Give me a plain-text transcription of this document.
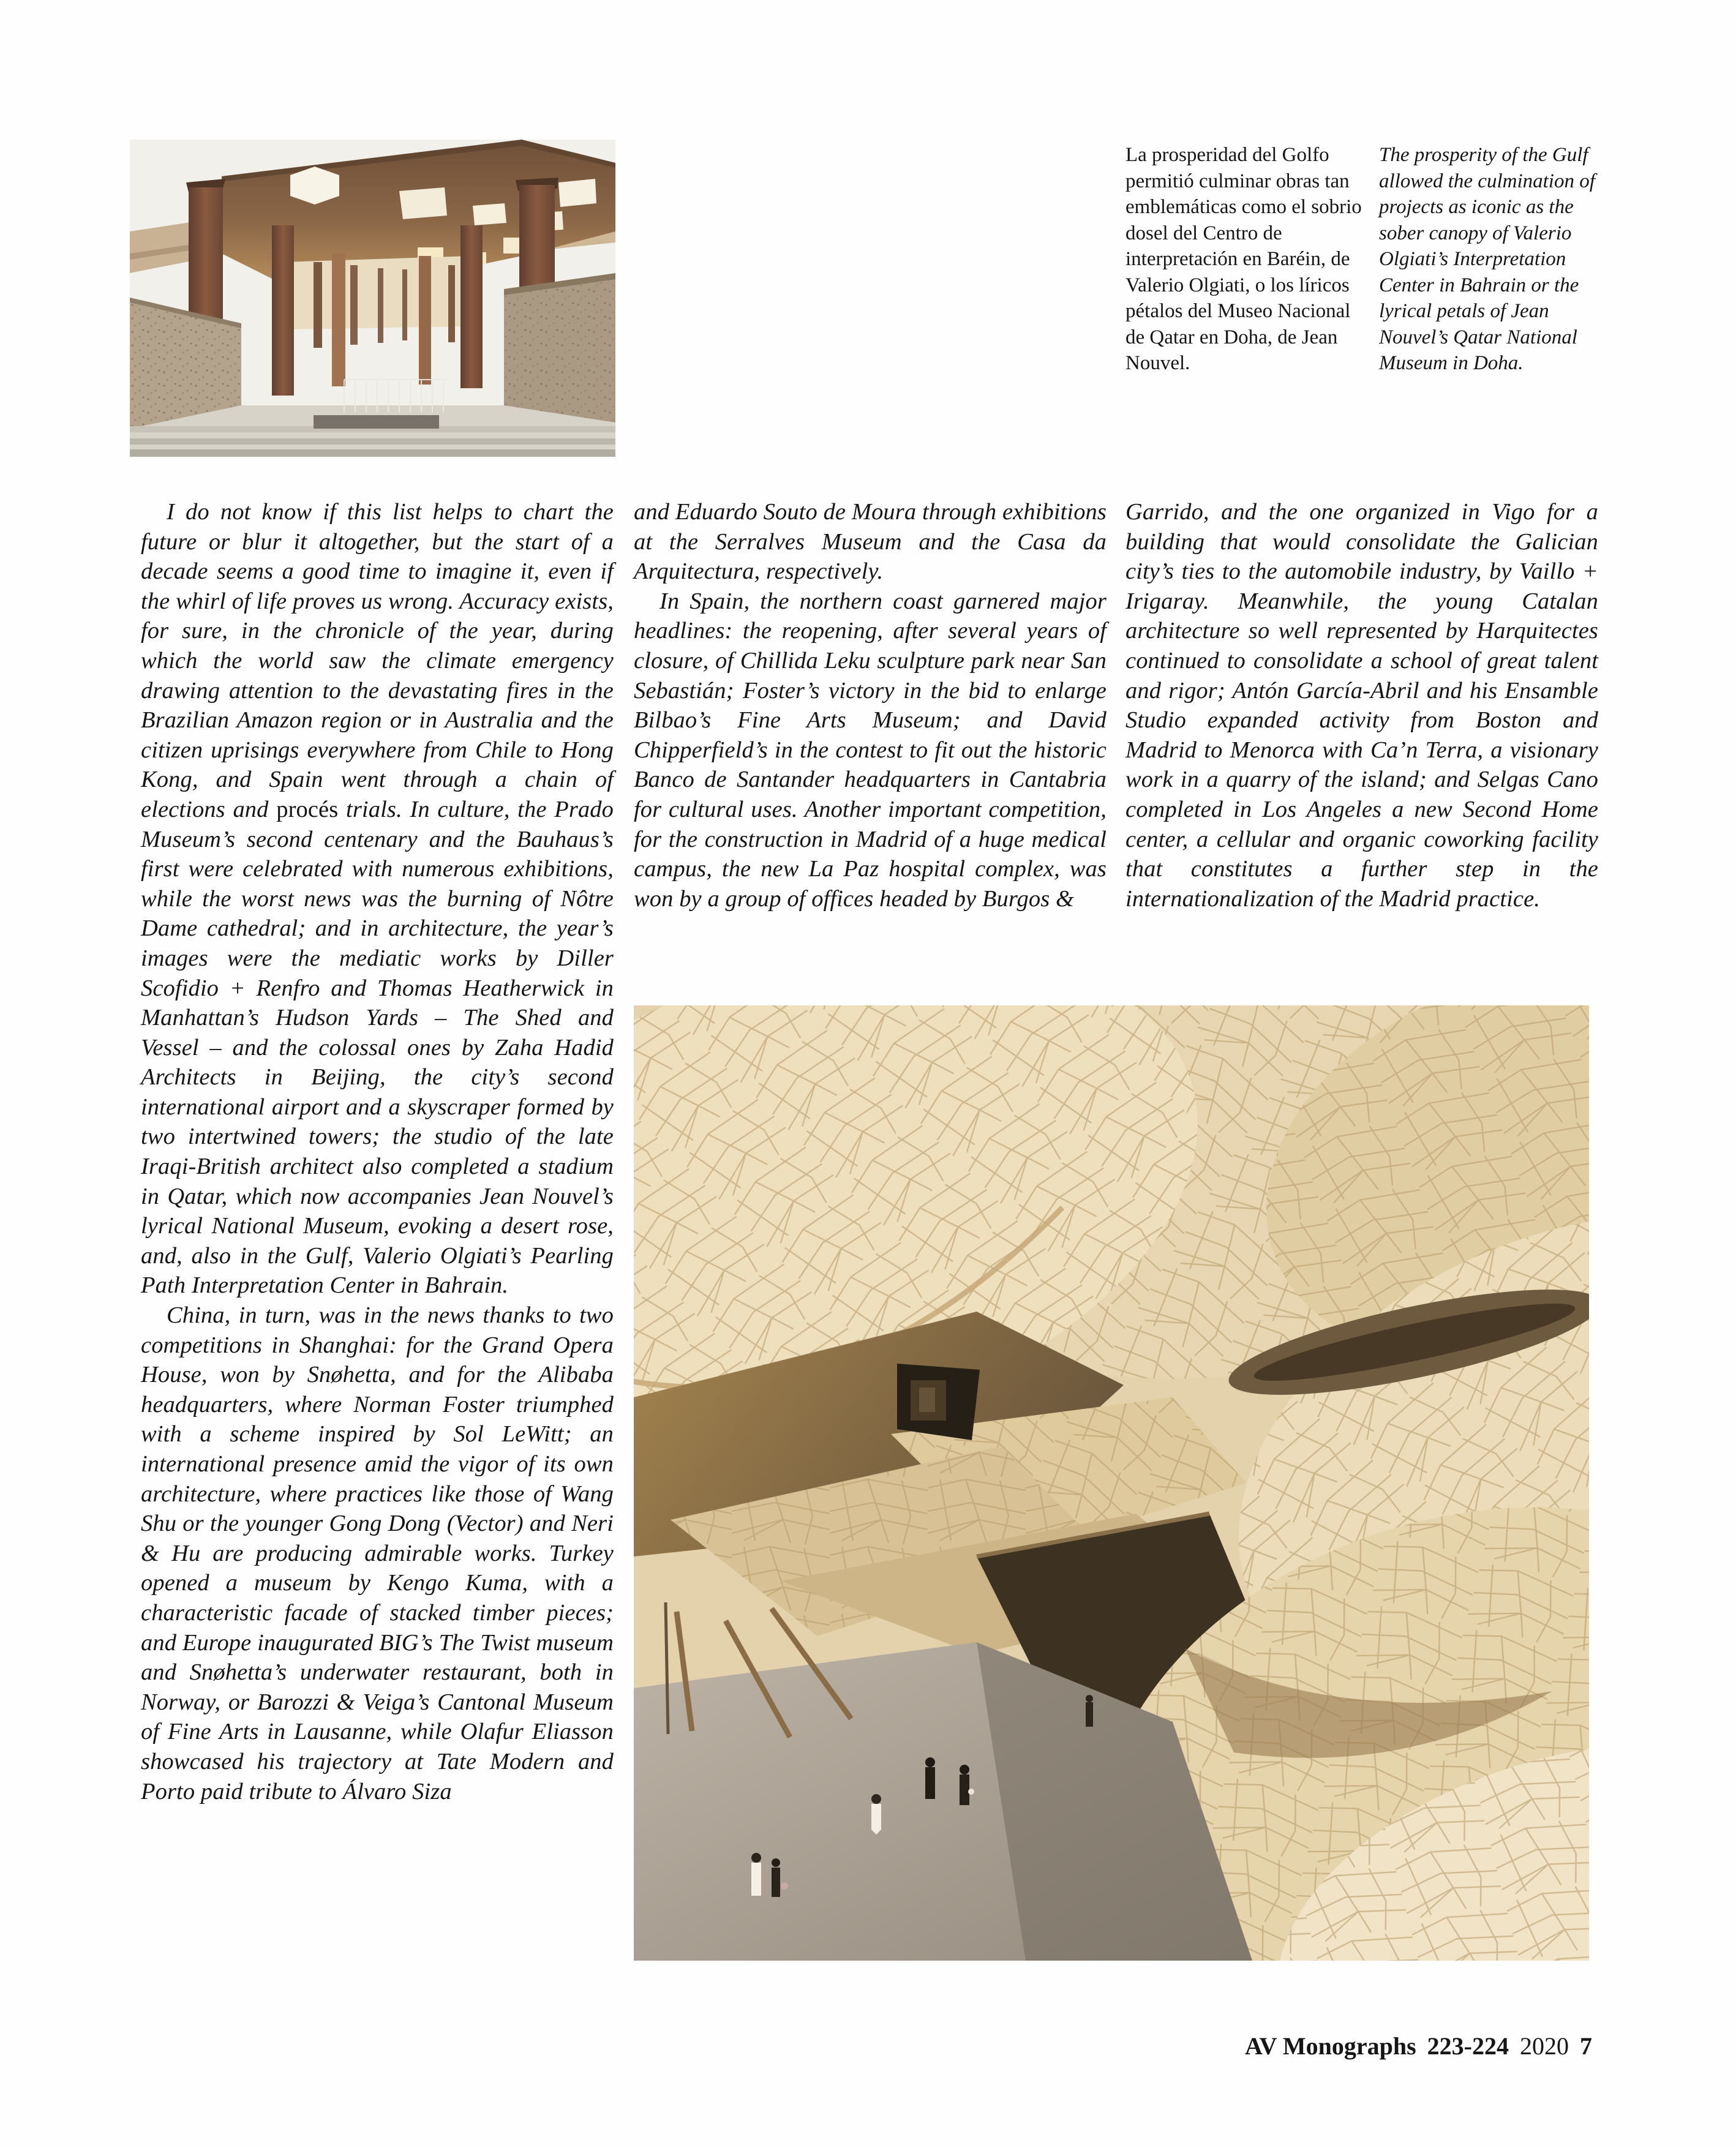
La prosperidad del Golfo permitió culminar obras tan emblemáticas como el sobrio dosel del Centro de interpretación en Baréin, de Valerio Olgiati, o los líricos pétalos del Museo Nacional de Qatar en Doha, de Jean Nouvel.
The prosperity of the Gulf allowed the culmination of projects as iconic as the sober canopy of Valerio Olgiati’s Interpretation Center in Bahrain or the lyrical petals of Jean Nouvel’s Qatar National Museum in Doha.

I do not know if this list helps to chart the future or blur it altogether, but the start of a decade seems a good time to imagine it, even if the whirl of life proves us wrong. Accuracy exists, for sure, in the chronicle of the year, during which the world saw the climate emergency drawing attention to the devastating fires in the Brazilian Amazon region or in Australia and the citizen uprisings everywhere from Chile to Hong Kong, and Spain went through a chain of elections and procés trials. In culture, the Prado Museum’s second centenary and the Bauhaus’s first were celebrated with numerous exhibitions, while the worst news was the burning of Nôtre Dame cathedral; and in architecture, the year’s images were the mediatic works by Diller Scofidio + Renfro and Thomas Heatherwick in Manhattan’s Hudson Yards – The Shed and Vessel – and the colossal ones by Zaha Hadid Architects in Beijing, the city’s second international airport and a skyscraper formed by two intertwined towers; the studio of the late Iraqi-British architect also completed a stadium in Qatar, which now accompanies Jean Nouvel’s lyrical National Museum, evoking a desert rose, and, also in the Gulf, Valerio Olgiati’s Pearling Path Interpretation Center in Bahrain.

China, in turn, was in the news thanks to two competitions in Shanghai: for the Grand Opera House, won by Snøhetta, and for the Alibaba headquarters, where Norman Foster triumphed with a scheme inspired by Sol LeWitt; an international presence amid the vigor of its own architecture, where practices like those of Wang Shu or the younger Gong Dong (Vector) and Neri & Hu are producing admirable works. Turkey opened a museum by Kengo Kuma, with a characteristic facade of stacked timber pieces; and Europe inaugurated BIG’s The Twist museum and Snøhetta’s underwater restaurant, both in Norway, or Barozzi & Veiga’s Cantonal Museum of Fine Arts in Lausanne, while Olafur Eliasson showcased his trajectory at Tate Modern and Porto paid tribute to Álvaro Siza

and Eduardo Souto de Moura through exhibitions at the Serralves Museum and the Casa da Arquitectura, respectively.

In Spain, the northern coast garnered major headlines: the reopening, after several years of closure, of Chillida Leku sculpture park near San Sebastián; Foster’s victory in the bid to enlarge Bilbao’s Fine Arts Museum; and David Chipperfield’s in the contest to fit out the historic Banco de Santander headquarters in Cantabria for cultural uses. Another important competition, for the construction in Madrid of a huge medical campus, the new La Paz hospital complex, was won by a group of offices headed by Burgos &

Garrido, and the one organized in Vigo for a building that would consolidate the Galician city’s ties to the automobile industry, by Vaillo + Irigaray. Meanwhile, the young Catalan architecture so well represented by Harquitectes continued to consolidate a school of great talent and rigor; Antón García-Abril and his Ensamble Studio expanded activity from Boston and Madrid to Menorca with Ca’n Terra, a visionary work in a quarry of the island; and Selgas Cano completed in Los Angeles a new Second Home center, a cellular and organic coworking facility that constitutes a further step in the internationalization of the Madrid practice.

AV Monographs 223-224 2020 7
